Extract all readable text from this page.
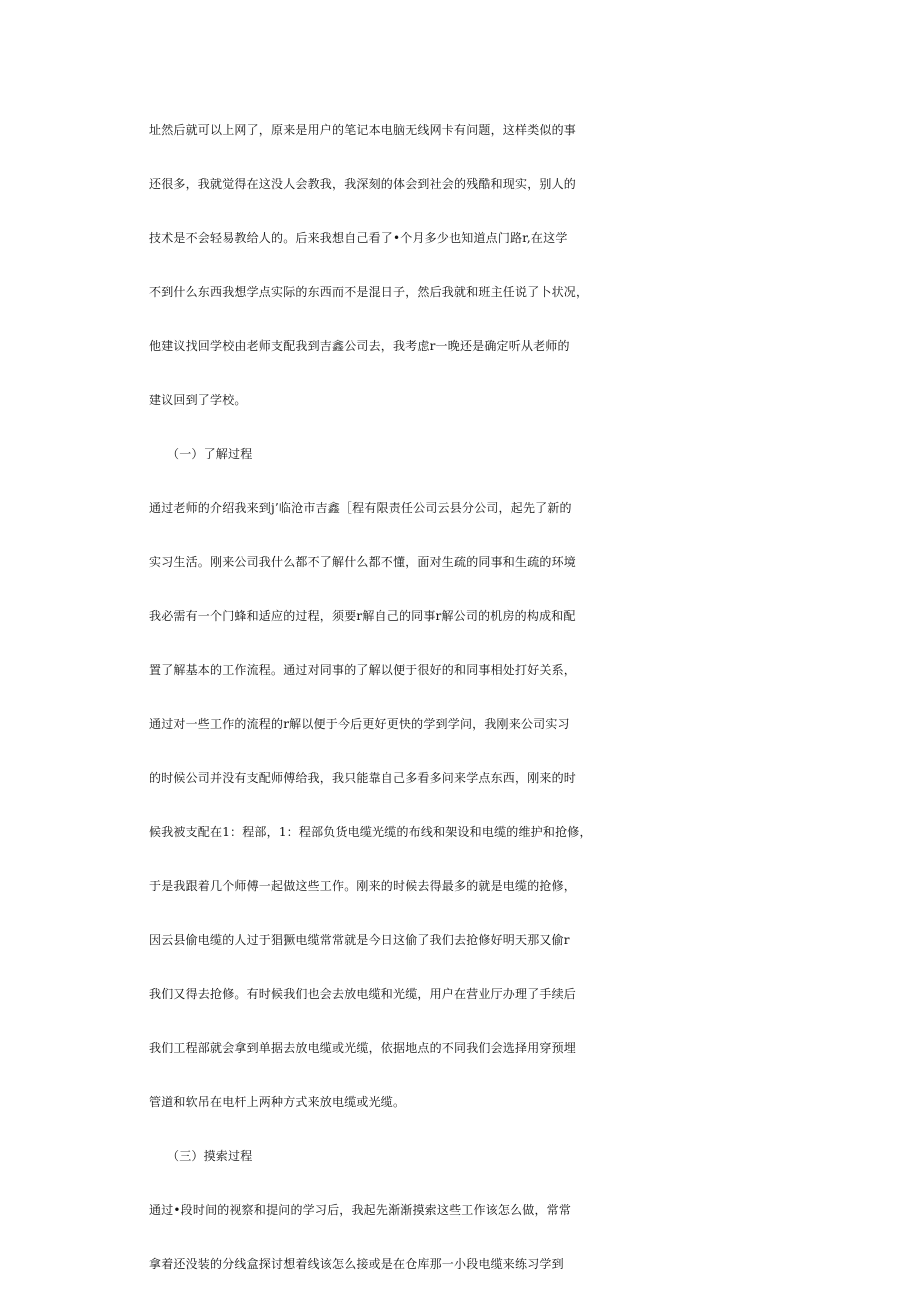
址然后就可以上网了，原来是用户的笔记本电脑无线网卡有问题，这样类似的事
还很多，我就觉得在这没人会教我，我深刻的体会到社会的残酷和现实，别人的
技术是不会轻易教给人的。后来我想自己看了•个月多少也知道点门路r,在这学
不到什么东西我想学点实际的东西而不是混日子，然后我就和班主任说了卜状况，
他建议找回学校由老师支配我到吉鑫公司去，我考虑r一晚还是确定听从老师的
建议回到了学校。
（一）了解过程
通过老师的介绍我来到j’临沧市吉鑫［程有限责任公司云县分公司，起先了新的
实习生活。刚来公司我什么都不了解什么都不懂，面对生疏的同事和生疏的环境
我必需有一个门蜂和适应的过程，须要r解自己的同事r解公司的机房的构成和配
置了解基本的工作流程。通过对同事的了解以便于很好的和同事相处打好关系，
通过对一些工作的流程的r解以便于今后更好更快的学到学问，我刚来公司实习
的时候公司并没有支配师傅给我，我只能靠自己多看多问来学点东西，刚来的时
候我被支配在1：程部，1：程部负货电缆光缆的布线和架设和电缆的维护和抢修，
于是我跟着几个师傅一起做这些工作。刚来的时候去得最多的就是电缆的抢修，
因云县偷电缆的人过于猖獗电缆常常就是今日这偷了我们去抢修好明天那又偷r
我们又得去抢修。有时候我们也会去放电缆和光缆，用户在营业厅办理了手续后
我们工程部就会拿到单据去放电缆或光缆，依据地点的不同我们会选择用穿预埋
管道和软吊在电杆上两种方式来放电缆或光缆。
（三）摸索过程
通过•段时间的视察和提问的学习后，我起先渐渐摸索这些工作该怎么做，常常
拿着还没装的分线盒探讨想着线该怎么接或是在仓库那一小段电缆来练习学到
